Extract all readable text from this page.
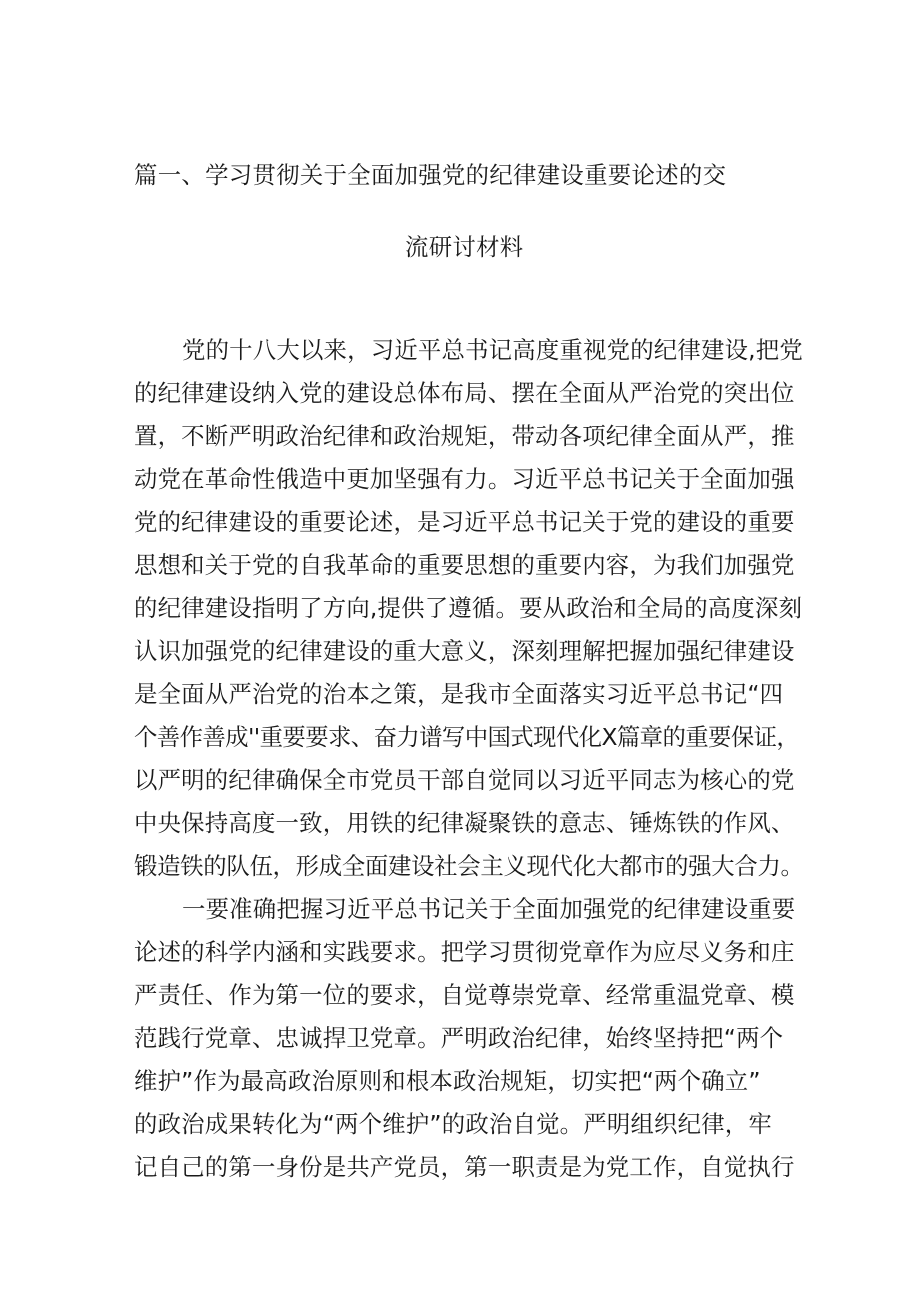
篇一、学习贯彻关于全面加强党的纪律建设重要论述的交
流研讨材料
党的十八大以来，习近平总书记高度重视党的纪律建设,把党
的纪律建设纳入党的建设总体布局、摆在全面从严治党的突出位
置，不断严明政治纪律和政治规矩，带动各项纪律全面从严，推
动党在革命性俄造中更加坚强有力。习近平总书记关于全面加强
党的纪律建设的重要论述，是习近平总书记关于党的建设的重要
思想和关于党的自我革命的重要思想的重要内容，为我们加强党
的纪律建设指明了方向,提供了遵循。要从政治和全局的高度深刻
认识加强党的纪律建设的重大意义，深刻理解把握加强纪律建设
是全面从严治党的治本之策，是我市全面落实习近平总书记“四
个善作善成''重要要求、奋力谱写中国式现代化X篇章的重要保证，
以严明的纪律确保全市党员干部自觉同以习近平同志为核心的党
中央保持高度一致，用铁的纪律凝聚铁的意志、锤炼铁的作风、
锻造铁的队伍，形成全面建设社会主义现代化大都市的强大合力。
一要准确把握习近平总书记关于全面加强党的纪律建设重要
论述的科学内涵和实践要求。把学习贯彻党章作为应尽义务和庄
严责任、作为第一位的要求，自觉尊崇党章、经常重温党章、模
范践行党章、忠诚捍卫党章。严明政治纪律，始终坚持把“两个
维护”作为最高政治原则和根本政治规矩，切实把“两个确立”
的政治成果转化为“两个维护”的政治自觉。严明组织纪律，牢
记自己的第一身份是共产党员，第一职责是为党工作，自觉执行
